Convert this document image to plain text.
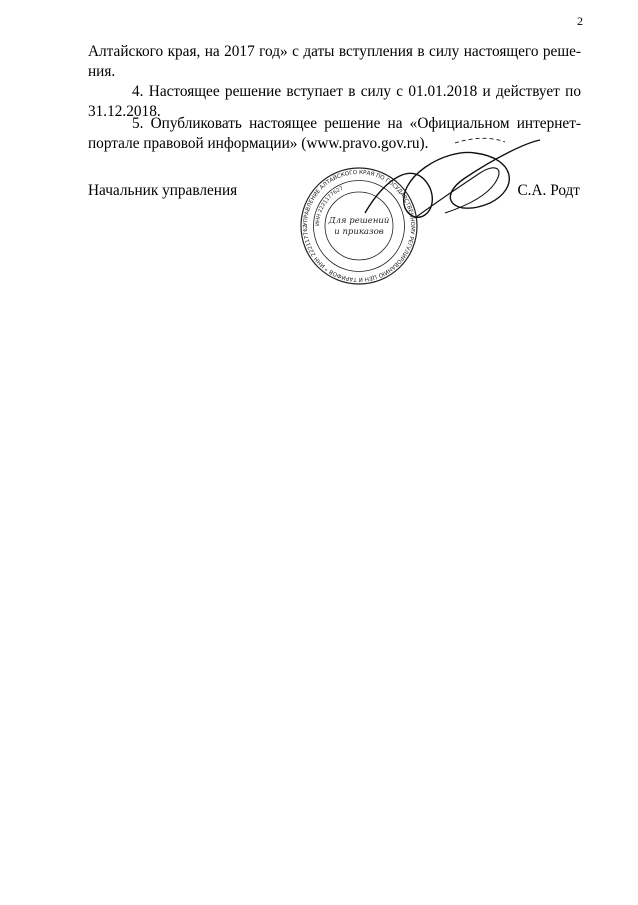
2

Алтайского края, на 2017 год» с даты вступления в силу настоящего реше-
ния.

4. Настоящее решение вступает в силу с 01.01.2018 и действует по 31.12.2018.

5. Опубликовать настоящее решение на «Официальном интернет-портале правовой информации» (www.pravo.gov.ru).

Начальник управления	С.А. Родт
УПРАВЛЕНИЕ АЛТАЙСКОГО КРАЯ ПО ГОСУДАРСТВЕННОМУ РЕГУЛИРОВАНИЮ ЦЕН И ТАРИФОВ * ИНН 222117762
ИНН 2221177627
Для решений
и приказов
